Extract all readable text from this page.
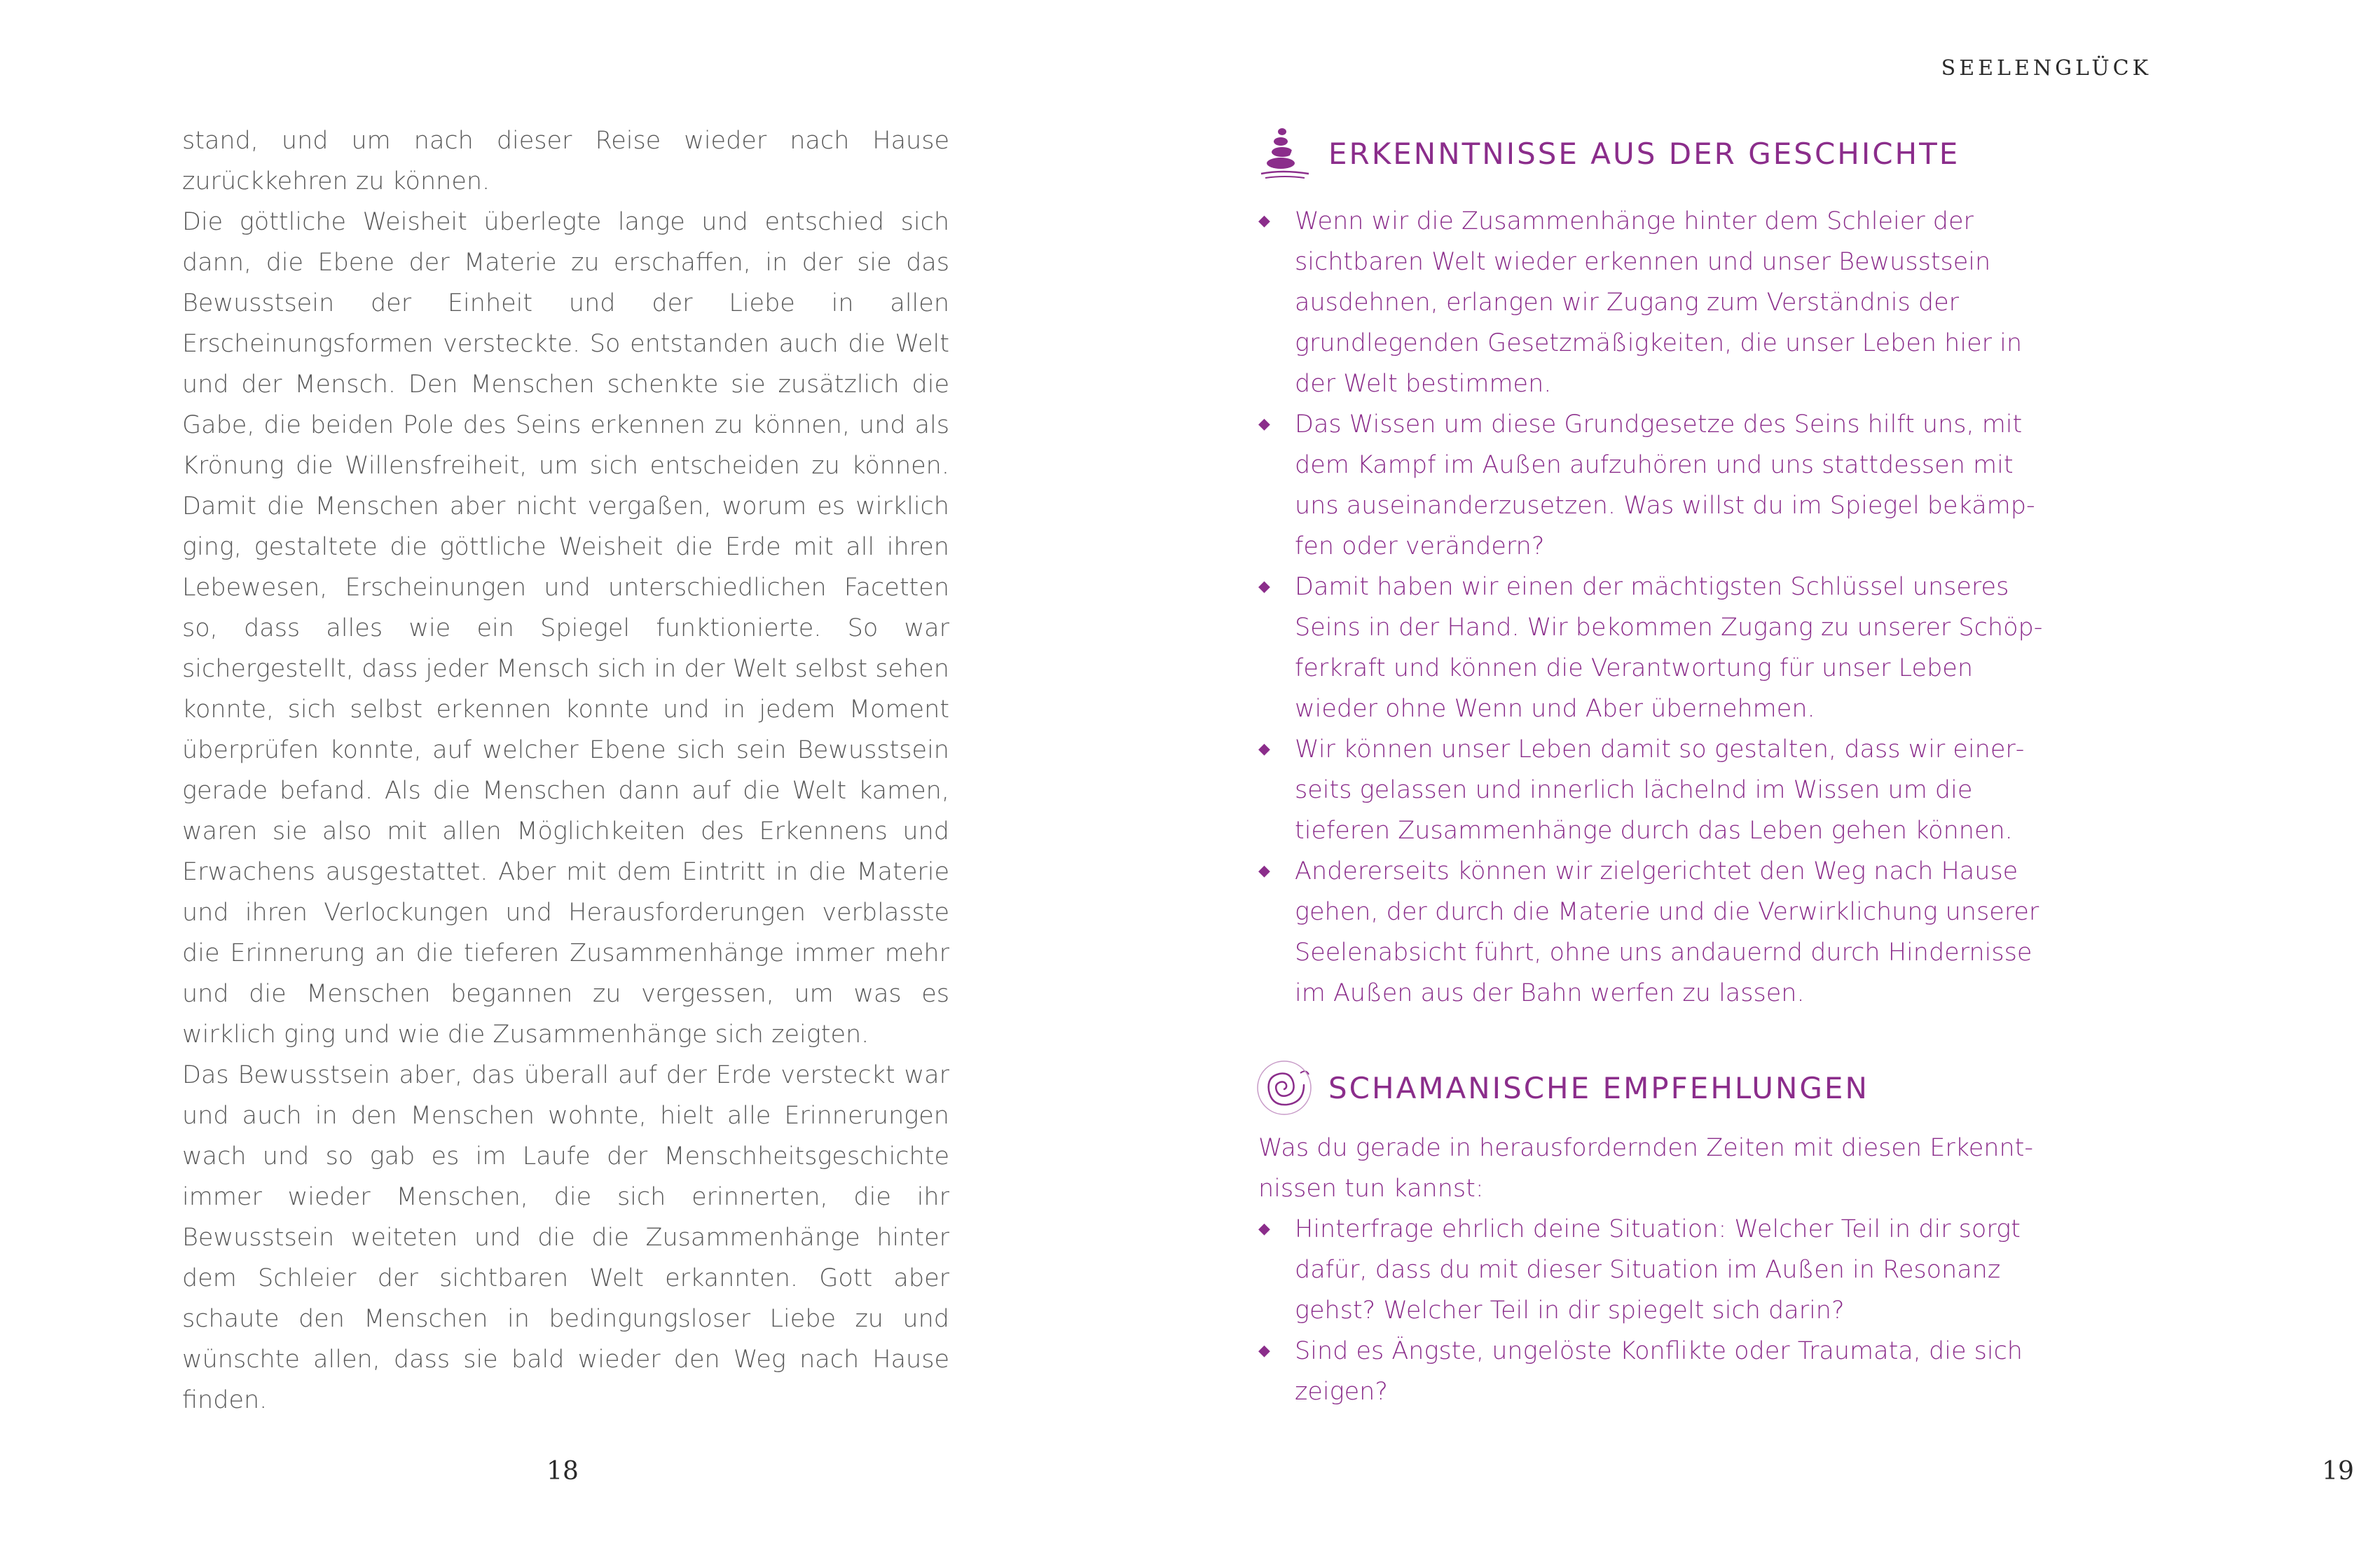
stand, und um nach dieser Reise wieder nach Hause zurückkehren zu können.

Die göttliche Weisheit überlegte lange und entschied sich dann, die Ebene der Materie zu erschaffen, in der sie das Bewusstsein der Einheit und der Liebe in allen Erscheinungsformen versteckte. So entstanden auch die Welt und der Mensch. Den Menschen schenkte sie zusätzlich die Gabe, die beiden Pole des Seins erkennen zu können, und als Krönung die Willensfreiheit, um sich entscheiden zu können. Damit die Menschen aber nicht vergaßen, worum es wirklich ging, gestaltete die göttliche Weisheit die Erde mit all ihren Lebewesen, Erscheinungen und unterschiedlichen Facetten so, dass alles wie ein Spiegel funktionierte. So war sichergestellt, dass jeder Mensch sich in der Welt selbst sehen konnte, sich selbst erkennen konnte und in jedem Moment überprüfen konnte, auf welcher Ebene sich sein Bewusstsein gerade befand. Als die Menschen dann auf die Welt kamen, waren sie also mit allen Möglichkeiten des Erkennens und Erwachens ausgestattet. Aber mit dem Eintritt in die Materie und ihren Verlockungen und Herausforderungen verblasste die Erinnerung an die tieferen Zusammenhänge immer mehr und die Menschen begannen zu vergessen, um was es wirklich ging und wie die Zusammenhänge sich zeigten.

Das Bewusstsein aber, das überall auf der Erde versteckt war und auch in den Menschen wohnte, hielt alle Erinnerungen wach und so gab es im Laufe der Menschheitsgeschichte immer wieder Menschen, die sich erinnerten, die ihr Bewusstsein weiteten und die die Zusammenhänge hinter dem Schleier der sichtbaren Welt erkannten. Gott aber schaute den Menschen in bedingungsloser Liebe zu und wünschte allen, dass sie bald wieder den Weg nach Hause finden.

18

SEELENGLÜCK

ERKENNTNISSE AUS DER GESCHICHTE
◆ Wenn wir die Zusammenhänge hinter dem Schleier der sichtbaren Welt wieder erkennen und unser Bewusstsein ausdehnen, erlangen wir Zugang zum Verständnis der grundlegenden Gesetzmäßigkeiten, die unser Leben hier in der Welt bestimmen.
◆ Das Wissen um diese Grundgesetze des Seins hilft uns, mit dem Kampf im Außen aufzuhören und uns stattdessen mit uns auseinanderzusetzen. Was willst du im Spiegel bekämpfen oder verändern?
◆ Damit haben wir einen der mächtigsten Schlüssel unseres Seins in der Hand. Wir bekommen Zugang zu unserer Schöpferkraft und können die Verantwortung für unser Leben wieder ohne Wenn und Aber übernehmen.
◆ Wir können unser Leben damit so gestalten, dass wir einerseits gelassen und innerlich lächelnd im Wissen um die tieferen Zusammenhänge durch das Leben gehen können.
◆ Andererseits können wir zielgerichtet den Weg nach Hause gehen, der durch die Materie und die Verwirklichung unserer Seelenabsicht führt, ohne uns andauernd durch Hindernisse im Außen aus der Bahn werfen zu lassen.
SCHAMANISCHE EMPFEHLUNGEN

Was du gerade in herausfordernden Zeiten mit diesen Erkenntnissen tun kannst:

◆ Hinterfrage ehrlich deine Situation: Welcher Teil in dir sorgt dafür, dass du mit dieser Situation im Außen in Resonanz gehst? Welcher Teil in dir spiegelt sich darin?
◆ Sind es Ängste, ungelöste Konflikte oder Traumata, die sich zeigen?

19
